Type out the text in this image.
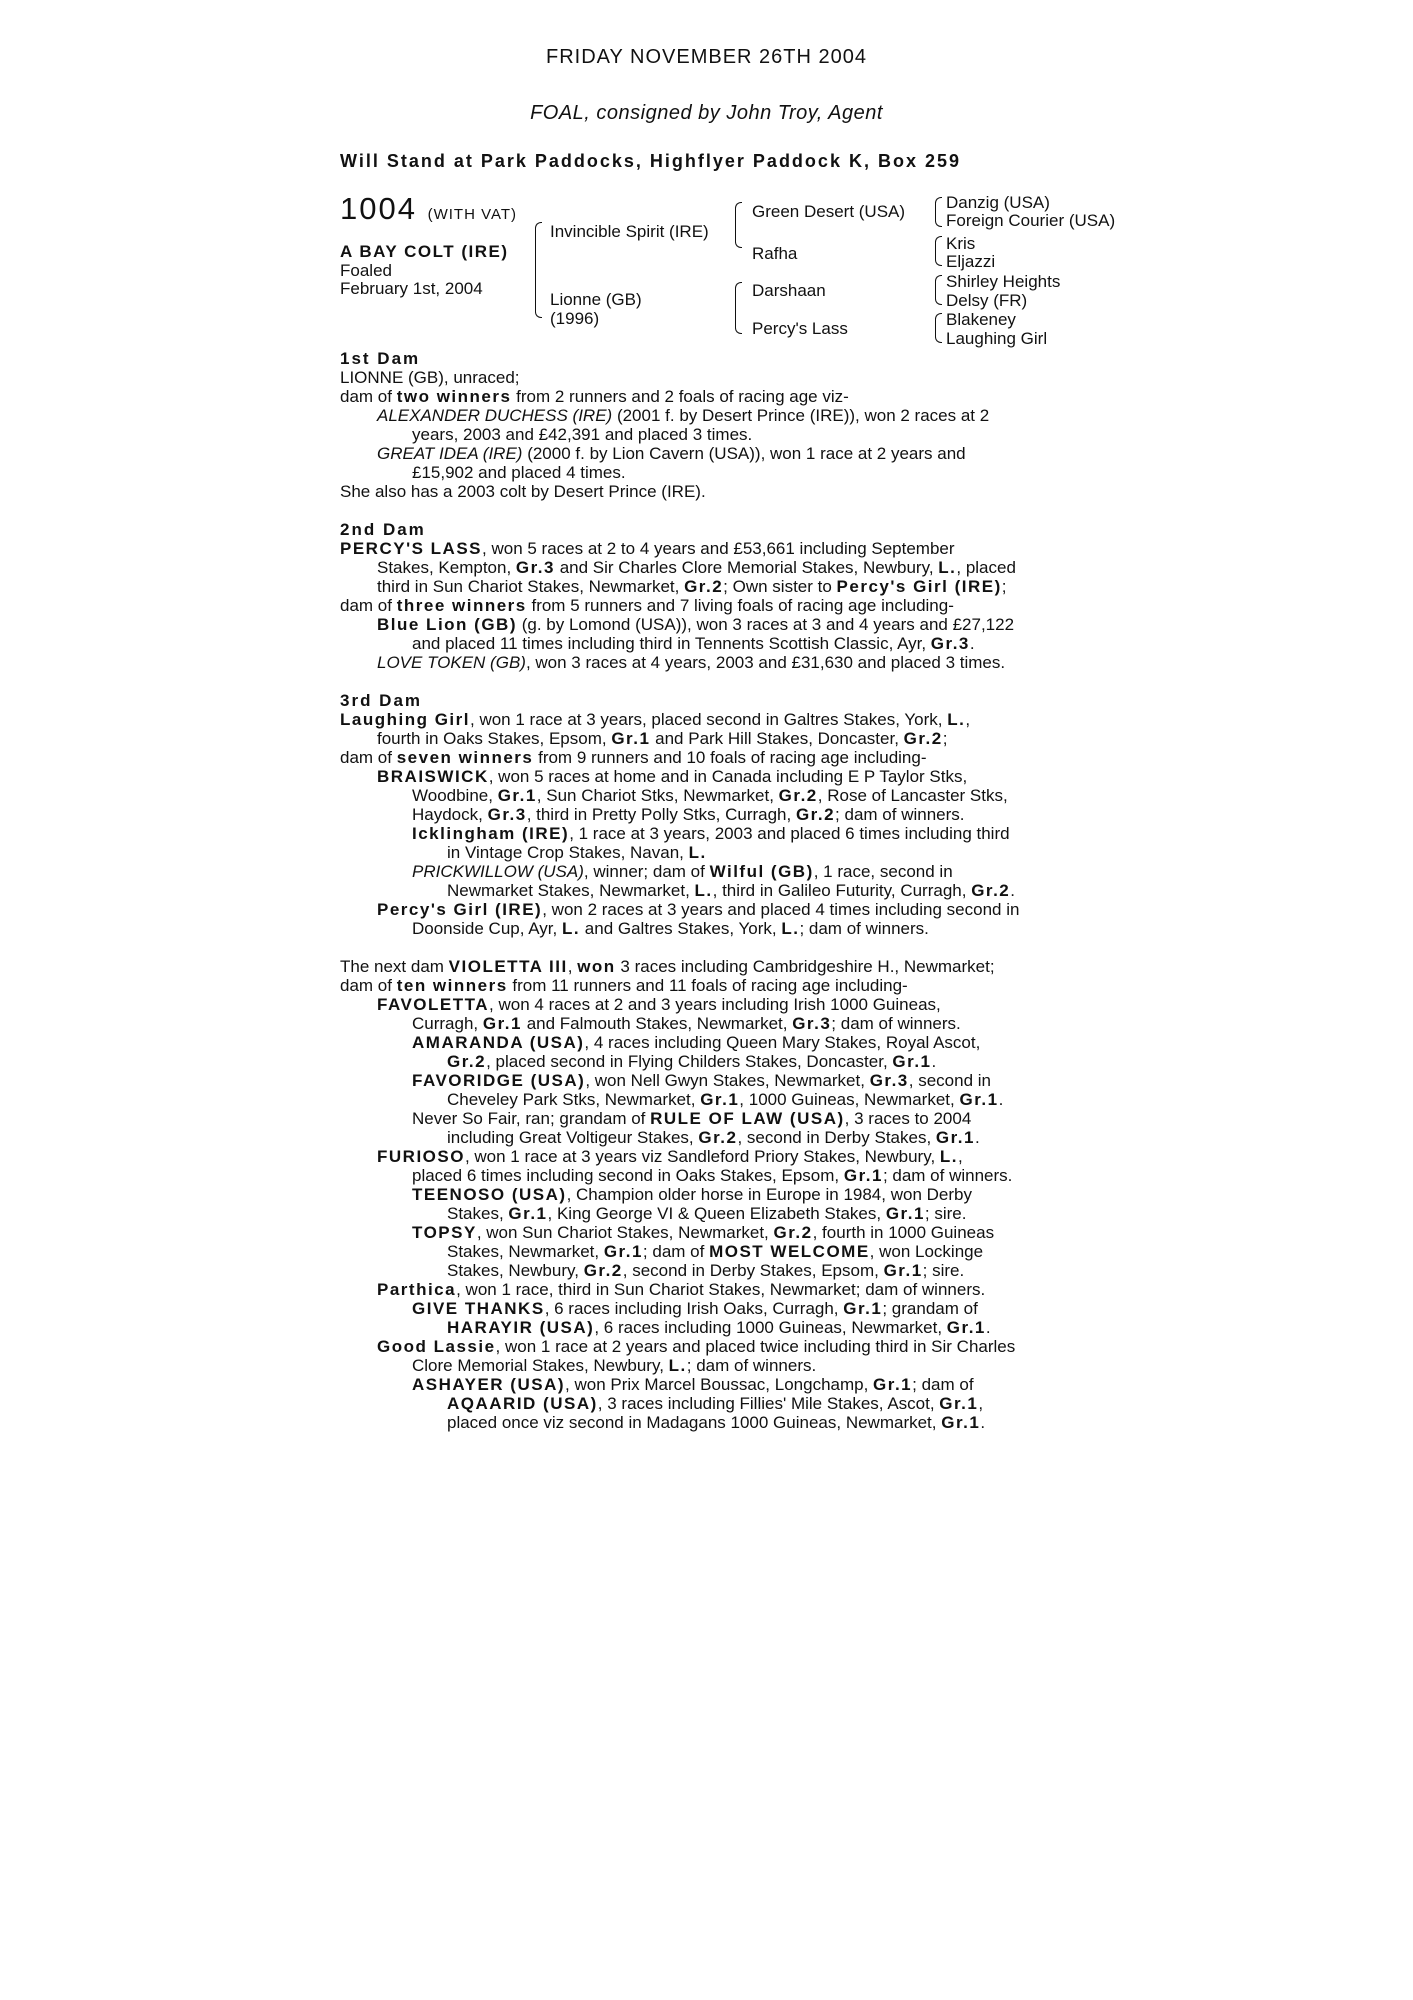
FRIDAY NOVEMBER 26TH 2004
FOAL, consigned by John Troy, Agent
Will Stand at Park Paddocks, Highflyer Paddock K, Box 259
1004 (WITH VAT)
A BAY COLT (IRE)
Foaled
February 1st, 2004
Invincible Spirit (IRE)
Lionne (GB)
(1996)
Green Desert (USA)
Rafha
Darshaan
Percy's Lass
Danzig (USA)
Foreign Courier (USA)
Kris
Eljazzi
Shirley Heights
Delsy (FR)
Blakeney
Laughing Girl

1st Dam

LIONNE (GB), unraced;

dam of two winners from 2 runners and 2 foals of racing age viz-

ALEXANDER DUCHESS (IRE) (2001 f. by Desert Prince (IRE)), won 2 races at 2

years, 2003 and £42,391 and placed 3 times.

GREAT IDEA (IRE) (2000 f. by Lion Cavern (USA)), won 1 race at 2 years and

£15,902 and placed 4 times.

She also has a 2003 colt by Desert Prince (IRE).

2nd Dam

PERCY'S LASS, won 5 races at 2 to 4 years and £53,661 including September

Stakes, Kempton, Gr.3 and Sir Charles Clore Memorial Stakes, Newbury, L., placed

third in Sun Chariot Stakes, Newmarket, Gr.2; Own sister to Percy's Girl (IRE);

dam of three winners from 5 runners and 7 living foals of racing age including-

Blue Lion (GB) (g. by Lomond (USA)), won 3 races at 3 and 4 years and £27,122

and placed 11 times including third in Tennents Scottish Classic, Ayr, Gr.3.

LOVE TOKEN (GB), won 3 races at 4 years, 2003 and £31,630 and placed 3 times.

3rd Dam

Laughing Girl, won 1 race at 3 years, placed second in Galtres Stakes, York, L.,

fourth in Oaks Stakes, Epsom, Gr.1 and Park Hill Stakes, Doncaster, Gr.2;

dam of seven winners from 9 runners and 10 foals of racing age including-

BRAISWICK, won 5 races at home and in Canada including E P Taylor Stks,

Woodbine, Gr.1, Sun Chariot Stks, Newmarket, Gr.2, Rose of Lancaster Stks,

Haydock, Gr.3, third in Pretty Polly Stks, Curragh, Gr.2; dam of winners.

Icklingham (IRE), 1 race at 3 years, 2003 and placed 6 times including third

in Vintage Crop Stakes, Navan, L.

PRICKWILLOW (USA), winner; dam of Wilful (GB), 1 race, second in

Newmarket Stakes, Newmarket, L., third in Galileo Futurity, Curragh, Gr.2.

Percy's Girl (IRE), won 2 races at 3 years and placed 4 times including second in

Doonside Cup, Ayr, L. and Galtres Stakes, York, L.; dam of winners.

The next dam VIOLETTA III, won 3 races including Cambridgeshire H., Newmarket;

dam of ten winners from 11 runners and 11 foals of racing age including-

FAVOLETTA, won 4 races at 2 and 3 years including Irish 1000 Guineas,

Curragh, Gr.1 and Falmouth Stakes, Newmarket, Gr.3; dam of winners.

AMARANDA (USA), 4 races including Queen Mary Stakes, Royal Ascot,

Gr.2, placed second in Flying Childers Stakes, Doncaster, Gr.1.

FAVORIDGE (USA), won Nell Gwyn Stakes, Newmarket, Gr.3, second in

Cheveley Park Stks, Newmarket, Gr.1, 1000 Guineas, Newmarket, Gr.1.

Never So Fair, ran; grandam of RULE OF LAW (USA), 3 races to 2004

including Great Voltigeur Stakes, Gr.2, second in Derby Stakes, Gr.1.

FURIOSO, won 1 race at 3 years viz Sandleford Priory Stakes, Newbury, L.,

placed 6 times including second in Oaks Stakes, Epsom, Gr.1; dam of winners.

TEENOSO (USA), Champion older horse in Europe in 1984, won Derby

Stakes, Gr.1, King George VI & Queen Elizabeth Stakes, Gr.1; sire.

TOPSY, won Sun Chariot Stakes, Newmarket, Gr.2, fourth in 1000 Guineas

Stakes, Newmarket, Gr.1; dam of MOST WELCOME, won Lockinge

Stakes, Newbury, Gr.2, second in Derby Stakes, Epsom, Gr.1; sire.

Parthica, won 1 race, third in Sun Chariot Stakes, Newmarket; dam of winners.

GIVE THANKS, 6 races including Irish Oaks, Curragh, Gr.1; grandam of

HARAYIR (USA), 6 races including 1000 Guineas, Newmarket, Gr.1.

Good Lassie, won 1 race at 2 years and placed twice including third in Sir Charles

Clore Memorial Stakes, Newbury, L.; dam of winners.

ASHAYER (USA), won Prix Marcel Boussac, Longchamp, Gr.1; dam of

AQAARID (USA), 3 races including Fillies' Mile Stakes, Ascot, Gr.1,

placed once viz second in Madagans 1000 Guineas, Newmarket, Gr.1.
